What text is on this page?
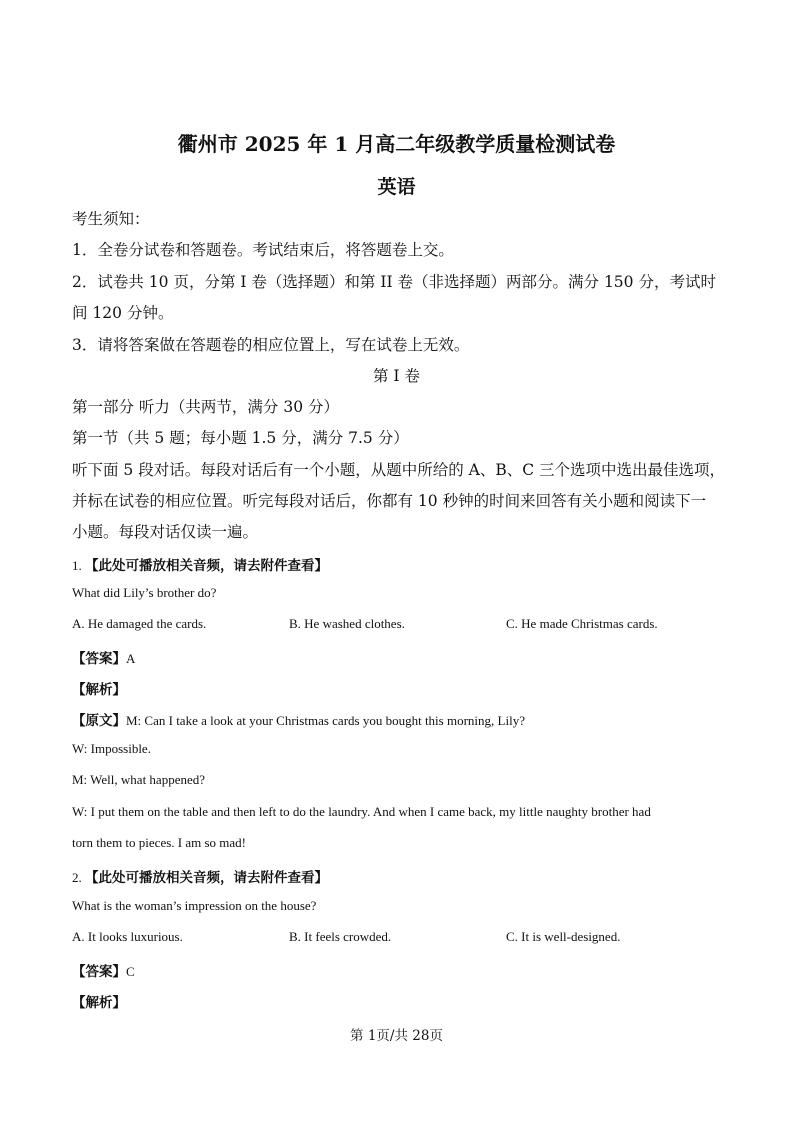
衢州市 2025 年 1 月高二年级教学质量检测试卷
英语
考生须知：
1．全卷分试卷和答题卷。考试结束后，将答题卷上交。
2．试卷共 10 页，分第 I 卷（选择题）和第 II 卷（非选择题）两部分。满分 150 分，考试时
间 120 分钟。
3．请将答案做在答题卷的相应位置上，写在试卷上无效。
第 I 卷
第一部分 听力（共两节，满分 30 分）
第一节（共 5 题；每小题 1.5 分，满分 7.5 分）
听下面 5 段对话。每段对话后有一个小题，从题中所给的 A、B、C 三个选项中选出最佳选项，
并标在试卷的相应位置。听完每段对话后，你都有 10 秒钟的时间来回答有关小题和阅读下一
小题。每段对话仅读一遍。
1. 【此处可播放相关音频，请去附件查看】
What did Lily’s brother do?
A. He damaged the cards.	B. He washed clothes.	C. He made Christmas cards.
【答案】A
【解析】
【原文】M: Can I take a look at your Christmas cards you bought this morning, Lily?
W: Impossible.
M: Well, what happened?
W: I put them on the table and then left to do the laundry. And when I came back, my little naughty brother had
torn them to pieces. I am so mad!
2. 【此处可播放相关音频，请去附件查看】
What is the woman’s impression on the house?
A. It looks luxurious.	B. It feels crowded.	C. It is well-designed.
【答案】C
【解析】
第 1页/共 28页
